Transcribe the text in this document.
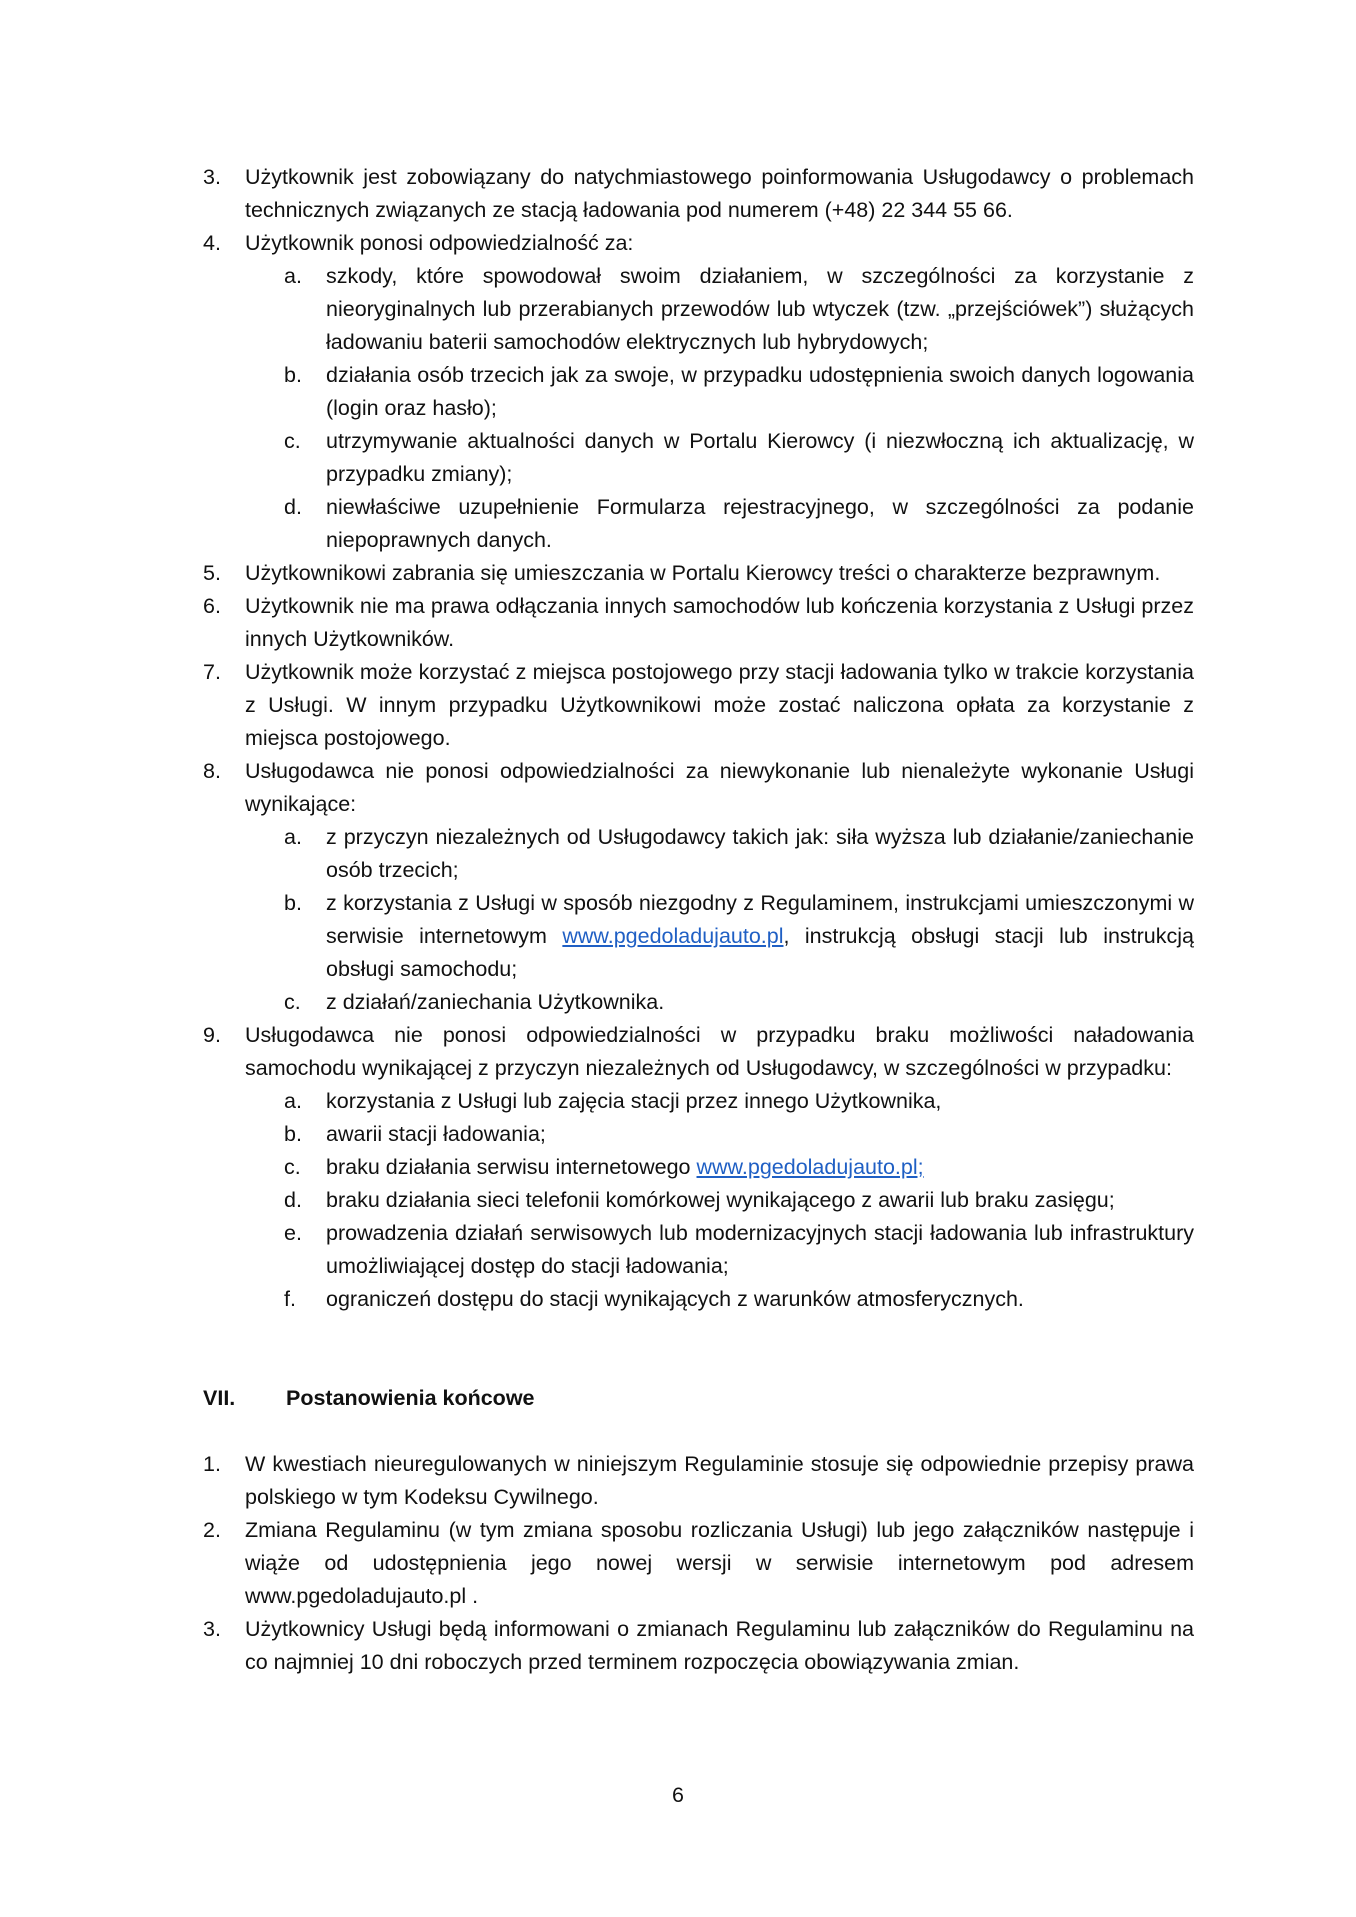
3. Użytkownik jest zobowiązany do natychmiastowego poinformowania Usługodawcy o problemach technicznych związanych ze stacją ładowania pod numerem (+48) 22 344 55 66.
4. Użytkownik ponosi odpowiedzialność za:
a. szkody, które spowodował swoim działaniem, w szczególności za korzystanie z nieoryginalnych lub przerabianych przewodów lub wtyczek (tzw. „przejściówek”) służących ładowaniu baterii samochodów elektrycznych lub hybrydowych;
b. działania osób trzecich jak za swoje, w przypadku udostępnienia swoich danych logowania (login oraz hasło);
c. utrzymywanie aktualności danych w Portalu Kierowcy (i niezwłoczną ich aktualizację, w przypadku zmiany);
d. niewłaściwe uzupełnienie Formularza rejestracyjnego, w szczególności za podanie niepoprawnych danych.
5. Użytkownikowi zabrania się umieszczania w Portalu Kierowcy treści o charakterze bezprawnym.
6. Użytkownik nie ma prawa odłączania innych samochodów lub kończenia korzystania z Usługi przez innych Użytkowników.
7. Użytkownik może korzystać z miejsca postojowego przy stacji ładowania tylko w trakcie korzystania z Usługi. W innym przypadku Użytkownikowi może zostać naliczona opłata za korzystanie z miejsca postojowego.
8. Usługodawca nie ponosi odpowiedzialności za niewykonanie lub nienależyte wykonanie Usługi wynikające:
a. z przyczyn niezależnych od Usługodawcy takich jak: siła wyższa lub działanie/zaniechanie osób trzecich;
b. z korzystania z Usługi w sposób niezgodny z Regulaminem, instrukcjami umieszczonymi w serwisie internetowym www.pgedoladujauto.pl, instrukcją obsługi stacji lub instrukcją obsługi samochodu;
c. z działań/zaniechania Użytkownika.
9. Usługodawca nie ponosi odpowiedzialności w przypadku braku możliwości naładowania samochodu wynikającej z przyczyn niezależnych od Usługodawcy, w szczególności w przypadku:
a. korzystania z Usługi lub zajęcia stacji przez innego Użytkownika,
b. awarii stacji ładowania;
c. braku działania serwisu internetowego www.pgedoladujauto.pl;
d. braku działania sieci telefonii komórkowej wynikającego z awarii lub braku zasięgu;
e. prowadzenia działań serwisowych lub modernizacyjnych stacji ładowania lub infrastruktury umożliwiającej dostęp do stacji ładowania;
f. ograniczeń dostępu do stacji wynikających z warunków atmosferycznych.
VII. Postanowienia końcowe
1. W kwestiach nieuregulowanych w niniejszym Regulaminie stosuje się odpowiednie przepisy prawa polskiego w tym Kodeksu Cywilnego.
2. Zmiana Regulaminu (w tym zmiana sposobu rozliczania Usługi) lub jego załączników następuje i wiąże od udostępnienia jego nowej wersji w serwisie internetowym pod adresem www.pgedoladujauto.pl .
3. Użytkownicy Usługi będą informowani o zmianach Regulaminu lub załączników do Regulaminu na co najmniej 10 dni roboczych przed terminem rozpoczęcia obowiązywania zmian.
6
